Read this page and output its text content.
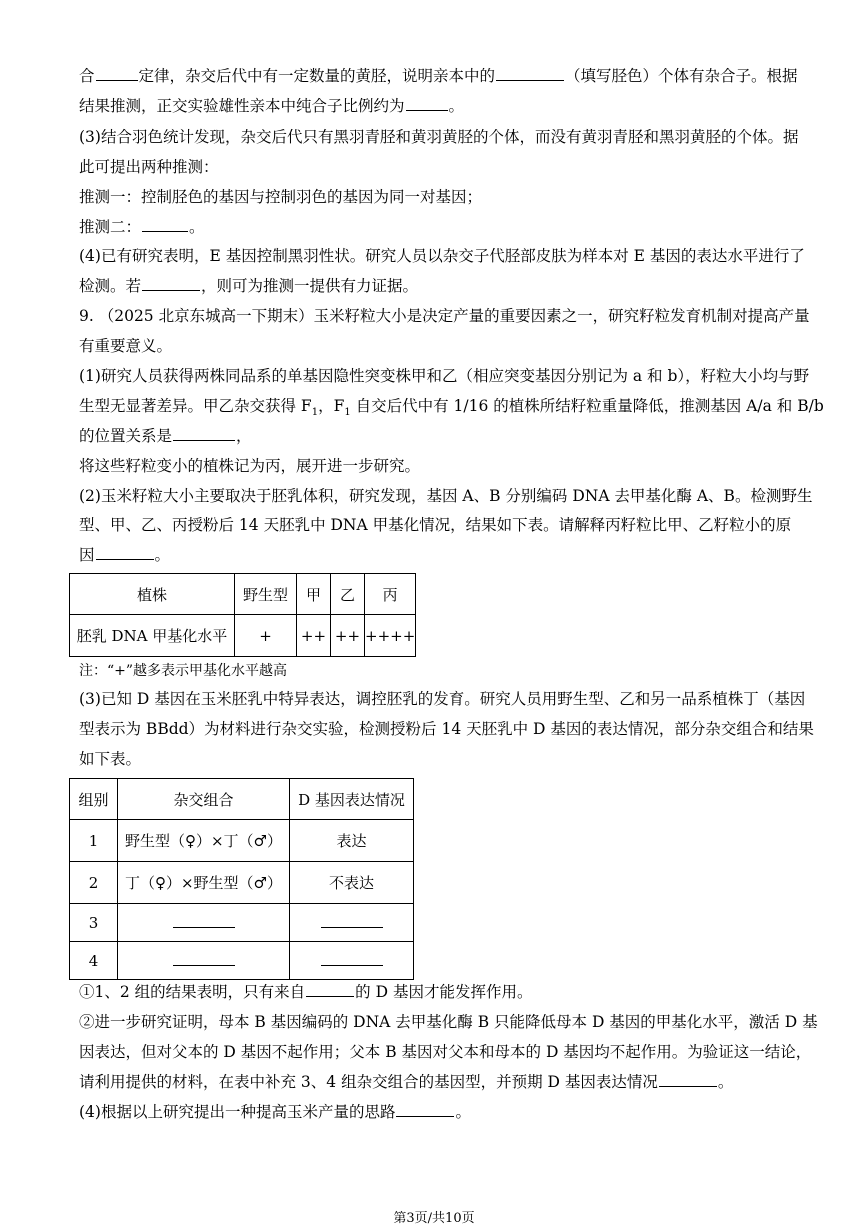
合	定律，杂交后代中有一定数量的黄胫，说明亲本中的	（填写胫色）个体有杂合子。根据
结果推测，正交实验雄性亲本中纯合子比例约为	。
(3)结合羽色统计发现，杂交后代只有黑羽青胫和黄羽黄胫的个体，而没有黄羽青胫和黑羽黄胫的个体。据
此可提出两种推测：
推测一：控制胫色的基因与控制羽色的基因为同一对基因；
推测二：	。
(4)已有研究表明，E 基因控制黑羽性状。研究人员以杂交子代胫部皮肤为样本对 E 基因的表达水平进行了
检测。若	，则可为推测一提供有力证据。
9. （2025 北京东城高一下期末）玉米籽粒大小是决定产量的重要因素之一，研究籽粒发育机制对提高产量
有重要意义。
(1)研究人员获得两株同品系的单基因隐性突变株甲和乙（相应突变基因分别记为 a 和 b），籽粒大小均与野
生型无显著差异。甲乙杂交获得 $F_1$，$F_1$ 自交后代中有 1/16 的植株所结籽粒重量降低，推测基因 A/a 和 B/b
的位置关系是	，
将这些籽粒变小的植株记为丙，展开进一步研究。
(2)玉米籽粒大小主要取决于胚乳体积，研究发现，基因 A、B 分别编码 DNA 去甲基化酶 A、B。检测野生
型、甲、乙、丙授粉后 14 天胚乳中 DNA 甲基化情况，结果如下表。请解释丙籽粒比甲、乙籽粒小的原
因	。
植株	野生型	甲	乙	丙
胚乳 DNA 甲基化水平	+	++	++	++++
注：“+”越多表示甲基化水平越高
(3)已知 D 基因在玉米胚乳中特异表达，调控胚乳的发育。研究人员用野生型、乙和另一品系植株丁（基因
型表示为 BBdd）为材料进行杂交实验，检测授粉后 14 天胚乳中 D 基因的表达情况，部分杂交组合和结果
如下表。
组别	杂交组合	D 基因表达情况
1	野生型（♀）×丁（♂）	表达
2	丁（♀）×野生型（♂）	不表达
3		
4		
①1、2 组的结果表明，只有来自	的 D 基因才能发挥作用。
②进一步研究证明，母本 B 基因编码的 DNA 去甲基化酶 B 只能降低母本 D 基因的甲基化水平，激活 D 基
因表达，但对父本的 D 基因不起作用；父本 B 基因对父本和母本的 D 基因均不起作用。为验证这一结论，
请利用提供的材料，在表中补充 3、4 组杂交组合的基因型，并预期 D 基因表达情况	。
(4)根据以上研究提出一种提高玉米产量的思路	。
第3页/共10页
